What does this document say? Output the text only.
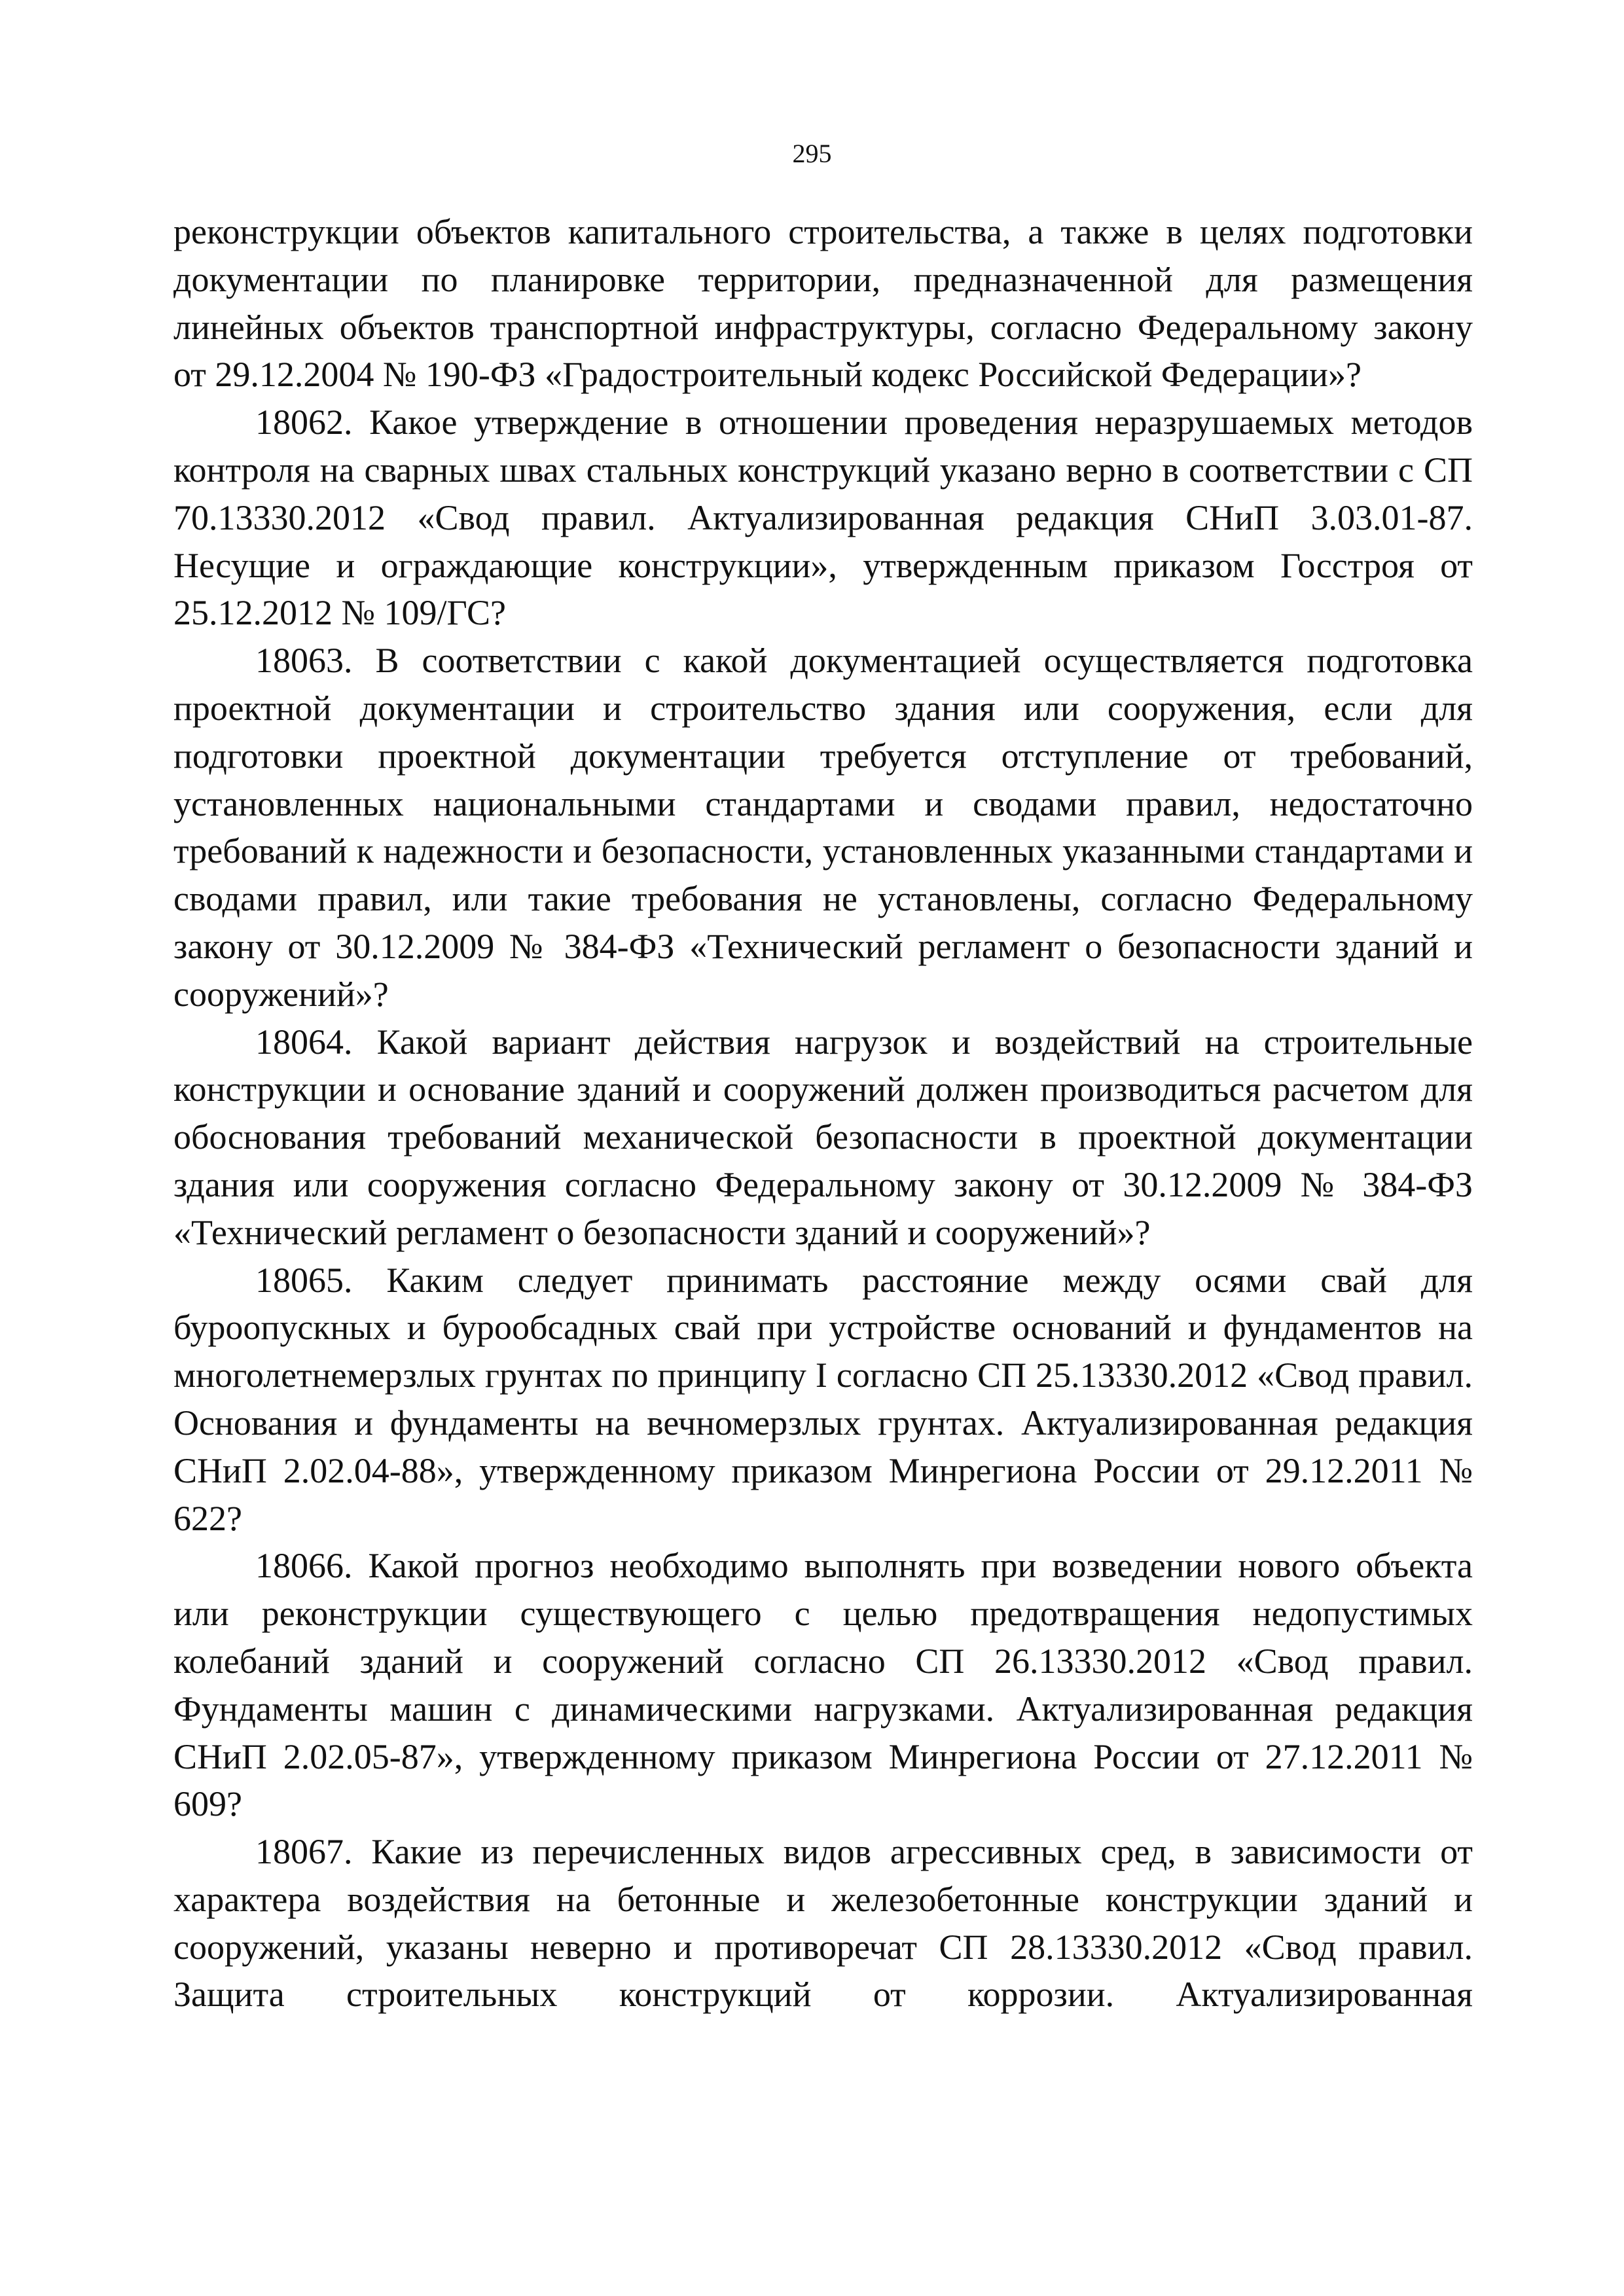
295

реконструкции объектов капитального строительства, а также в целях подготовки документации по планировке территории, предназначенной для размещения линейных объектов транспортной инфраструктуры, согласно Федеральному закону от 29.12.2004 № 190-ФЗ «Градостроительный кодекс Российской Федерации»?

18062. Какое утверждение в отношении проведения неразрушаемых методов контроля на сварных швах стальных конструкций указано верно в соответствии с СП 70.13330.2012 «Свод правил. Актуализированная редакция СНиП 3.03.01-87. Несущие и ограждающие конструкции», утвержденным приказом Госстроя от 25.12.2012 № 109/ГС?

18063. В соответствии с какой документацией осуществляется подготовка проектной документации и строительство здания или сооружения, если для подготовки проектной документации требуется отступление от требований, установленных национальными стандартами и сводами правил, недостаточно требований к надежности и безопасности, установленных указанными стандартами и сводами правил, или такие требования не установлены, согласно Федеральному закону от 30.12.2009 № 384-ФЗ «Технический регламент о безопасности зданий и сооружений»?

18064. Какой вариант действия нагрузок и воздействий на строительные конструкции и основание зданий и сооружений должен производиться расчетом для обоснования требований механической безопасности в проектной документации здания или сооружения согласно Федеральному закону от 30.12.2009 № 384-ФЗ «Технический регламент о безопасности зданий и сооружений»?

18065. Каким следует принимать расстояние между осями свай для буроопускных и бурообсадных свай при устройстве оснований и фундаментов на многолетнемерзлых грунтах по принципу I согласно СП 25.13330.2012 «Свод правил. Основания и фундаменты на вечномерзлых грунтах. Актуализированная редакция СНиП 2.02.04-88», утвержденному приказом Минрегиона России от 29.12.2011 № 622?

18066. Какой прогноз необходимо выполнять при возведении нового объекта или реконструкции существующего с целью предотвращения недопустимых колебаний зданий и сооружений согласно СП 26.13330.2012 «Свод правил. Фундаменты машин с динамическими нагрузками. Актуализированная редакция СНиП 2.02.05-87», утвержденному приказом Минрегиона России от 27.12.2011 № 609?

18067. Какие из перечисленных видов агрессивных сред, в зависимости от характера воздействия на бетонные и железобетонные конструкции зданий и сооружений, указаны неверно и противоречат СП 28.13330.2012 «Свод правил. Защита строительных конструкций от коррозии. Актуализированная
